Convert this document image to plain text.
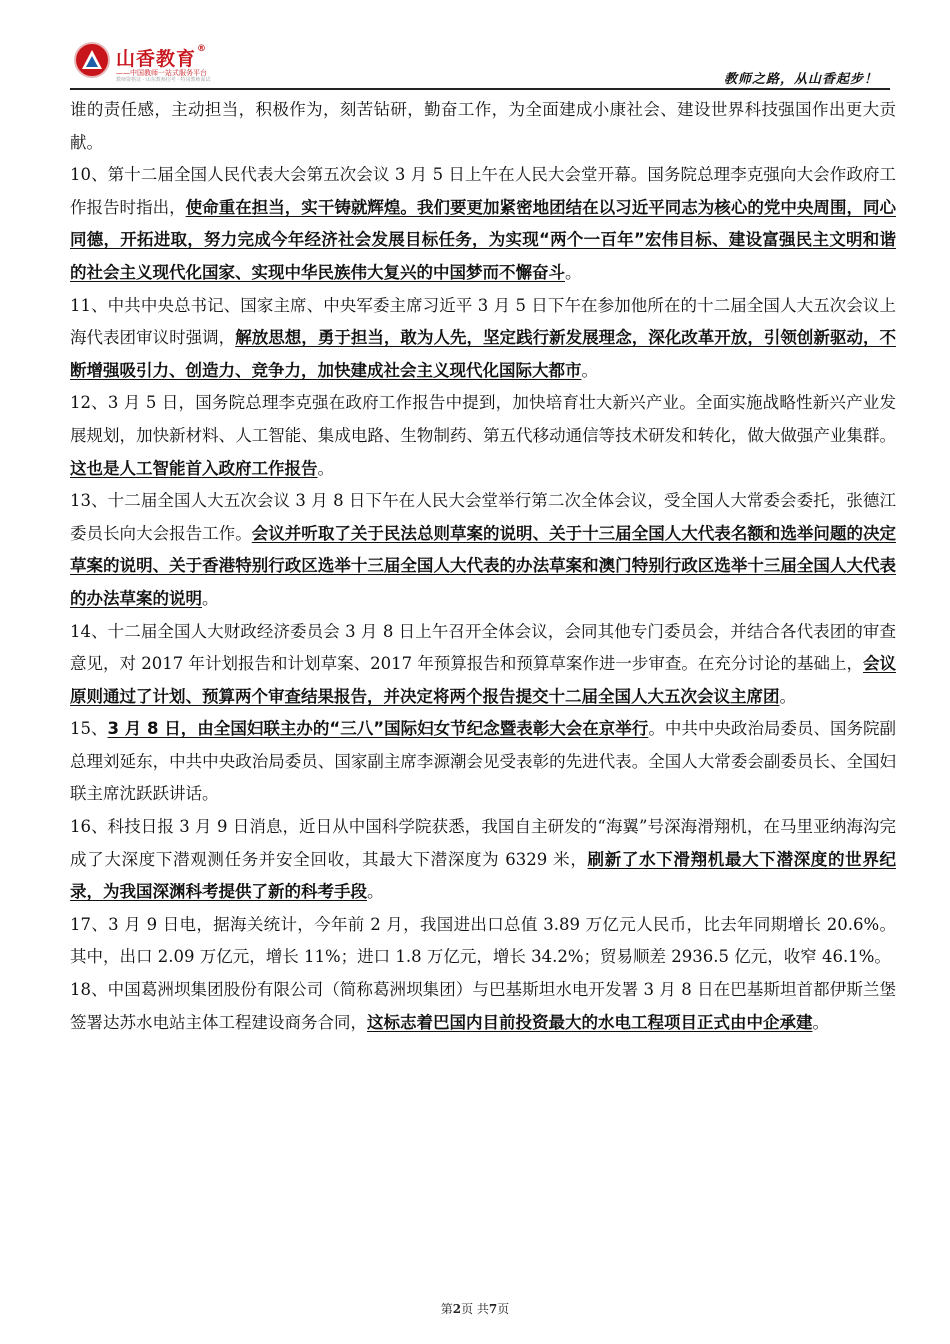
山香教育®
——中国教师一站式服务平台
教师资格证 · 山东教师招考 · 特岗教师面试	教师之路，从山香起步！

谁的责任感，主动担当，积极作为，刻苦钻研，勤奋工作，为全面建成小康社会、建设世界科技强国作出更大贡献。

10、第十二届全国人民代表大会第五次会议 3 月 5 日上午在人民大会堂开幕。国务院总理李克强向大会作政府工作报告时指出，使命重在担当，实干铸就辉煌。我们要更加紧密地团结在以习近平同志为核心的党中央周围，同心同德，开拓进取，努力完成今年经济社会发展目标任务，为实现“两个一百年”宏伟目标、建设富强民主文明和谐的社会主义现代化国家、实现中华民族伟大复兴的中国梦而不懈奋斗。

11、中共中央总书记、国家主席、中央军委主席习近平 3 月 5 日下午在参加他所在的十二届全国人大五次会议上海代表团审议时强调，解放思想，勇于担当，敢为人先，坚定践行新发展理念，深化改革开放，引领创新驱动，不断增强吸引力、创造力、竞争力，加快建成社会主义现代化国际大都市。

12、3 月 5 日，国务院总理李克强在政府工作报告中提到，加快培育壮大新兴产业。全面实施战略性新兴产业发展规划，加快新材料、人工智能、集成电路、生物制药、第五代移动通信等技术研发和转化，做大做强产业集群。这也是人工智能首入政府工作报告。

13、十二届全国人大五次会议 3 月 8 日下午在人民大会堂举行第二次全体会议，受全国人大常委会委托，张德江委员长向大会报告工作。会议并听取了关于民法总则草案的说明、关于十三届全国人大代表名额和选举问题的决定草案的说明、关于香港特别行政区选举十三届全国人大代表的办法草案和澳门特别行政区选举十三届全国人大代表的办法草案的说明。

14、十二届全国人大财政经济委员会 3 月 8 日上午召开全体会议，会同其他专门委员会，并结合各代表团的审查意见，对 2017 年计划报告和计划草案、2017 年预算报告和预算草案作进一步审查。在充分讨论的基础上，会议原则通过了计划、预算两个审查结果报告，并决定将两个报告提交十二届全国人大五次会议主席团。

15、3 月 8 日，由全国妇联主办的“三八”国际妇女节纪念暨表彰大会在京举行。中共中央政治局委员、国务院副总理刘延东，中共中央政治局委员、国家副主席李源潮会见受表彰的先进代表。全国人大常委会副委员长、全国妇联主席沈跃跃讲话。

16、科技日报 3 月 9 日消息，近日从中国科学院获悉，我国自主研发的“海翼”号深海滑翔机，在马里亚纳海沟完成了大深度下潜观测任务并安全回收，其最大下潜深度为 6329 米，刷新了水下滑翔机最大下潜深度的世界纪录，为我国深渊科考提供了新的科考手段。

17、3 月 9 日电，据海关统计，今年前 2 月，我国进出口总值 3.89 万亿元人民币，比去年同期增长 20.6%。其中，出口 2.09 万亿元，增长 11%；进口 1.8 万亿元，增长 34.2%；贸易顺差 2936.5 亿元，收窄 46.1%。

18、中国葛洲坝集团股份有限公司（简称葛洲坝集团）与巴基斯坦水电开发署 3 月 8 日在巴基斯坦首都伊斯兰堡签署达苏水电站主体工程建设商务合同，这标志着巴国内目前投资最大的水电工程项目正式由中企承建。

第2页 共7页
